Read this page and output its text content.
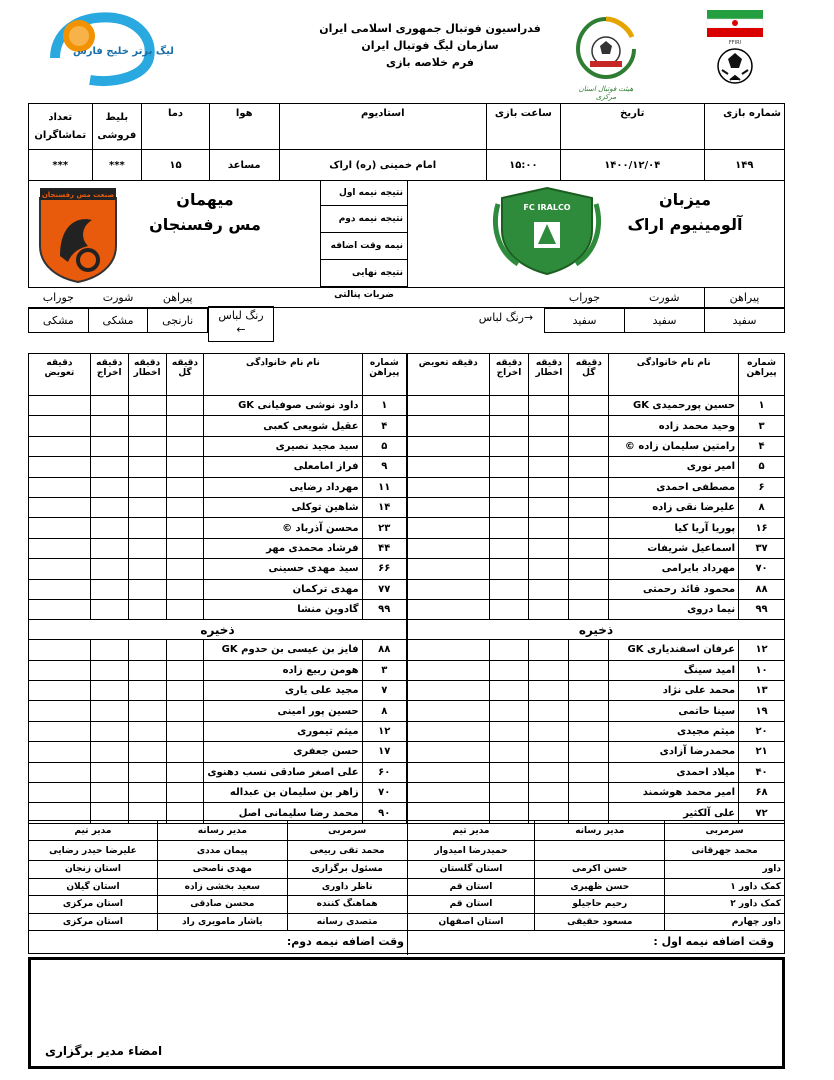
فدراسیون فوتبال جمهوری اسلامی ایران
سازمان لیگ فوتبال ایران
فرم خلاصه بازی
FFIRI
هیئت فوتبال استان مرکزی
لیگ برتر خلیج فارس
شماره بازی	تاریخ	ساعت بازی	استادیوم	هوا	دما	بلیط فروشی	تعداد تماشاگران
۱۴۹	۱۴۰۰/۱۲/۰۴	۱۵:۰۰	امام خمینی (ره) اراک	مساعد	۱۵	***	***
میزبان
آلومینیوم اراک
FC IRALCO
نتیجه نیمه اول
نتیجه نیمه دوم
نیمه وقت اضافه
نتیجه نهایی
میهمان
مس رفسنجان
صنعت مس رفسنجان
ضربات پنالتی	پیراهن	شورت	جوراب
سفید	سفید	سفید
→رنگ لباس
پیراهن	شورت	جوراب
نارنجی	مشکی	مشکی	رنگ لباس
←
شماره پیراهن	نام نام خانوادگی	دقیقه گل	دقیقه اخطار	دقیقه اخراج	دقیقه تعویض
۱	حسین پورحمیدی GK				
۳	وحید محمد زاده				
۴	رامتین سلیمان زاده ©				
۵	امیر نوری				
۶	مصطفی احمدی				
۸	علیرضا نقی زاده				
۱۶	پوریا آریا کیا				
۳۷	اسماعیل شریفات				
۷۰	مهرداد بایرامی				
۸۸	محمود قائد رحمتی				
۹۹	نیما دروی				
ذخیره					
۱۲	عرفان اسفندیاری GK				
۱۰	امید سینگ				
۱۳	محمد علی نژاد				
۱۹	سینا حاتمی				
۲۰	میثم مجیدی				
۲۱	محمدرضا آزادی				
۴۰	میلاد احمدی				
۶۸	امیر محمد هوشمند				
۷۲	علی آلکثیر				
شماره پیراهن	نام نام خانوادگی	دقیقه گل	دقیقه اخطار	دقیقه اخراج	دقیقه تعویض
۱	داود نوشی صوفیانی GK				
۴	عقیل شویعی کعبی				
۵	سید مجید نصیری				
۹	فراز امامعلی				
۱۱	مهرداد رضایی				
۱۴	شاهین توکلی				
۲۳	محسن آذرباد ©				
۴۴	فرشاد محمدی مهر				
۶۶	سید مهدی حسینی				
۷۷	مهدی ترکمان				
۹۹	گادوین منشا				
ذخیره					
۸۸	فایز بن عیسی بن حدوم GK				
۳	هومن ربیع زاده				
۷	مجید علی یاری				
۸	حسین پور امینی				
۱۲	میثم تیموری				
۱۷	حسن جعفری				
۶۰	علی اصغر صادقی نسب دهنوی				
۷۰	زاهر بن سلیمان بن عبداله				
۹۰	محمد رضا سلیمانی اصل				
سرمربی	مدیر رسانه	مدیر تیم	سرمربی	مدیر رسانه	مدیر تیم
محمد جهرقانی		حمیدرضا امیدوار	محمد تقی ربیعی	پیمان مددی	علیرضا حیدر رضایی
داور	حسن اکرمی	استان گلستان	مسئول برگزاری	مهدی ناصحی	استان زنجان
کمک داور ۱	حسن ظهیری	استان قم	ناظر داوری	سعید بخشی زاده	استان گیلان
کمک داور ۲	رحیم حاجیلو	استان قم	هماهنگ کننده	محسن صادقی	استان مرکزی
داور چهارم	مسعود حقیقی	استان اصفهان	متصدی رسانه	یاشار مامویری راد	استان مرکزی
وقت اضافه نیمه اول :
وقت اضافه نیمه دوم:
امضاء مدیر برگزاری
